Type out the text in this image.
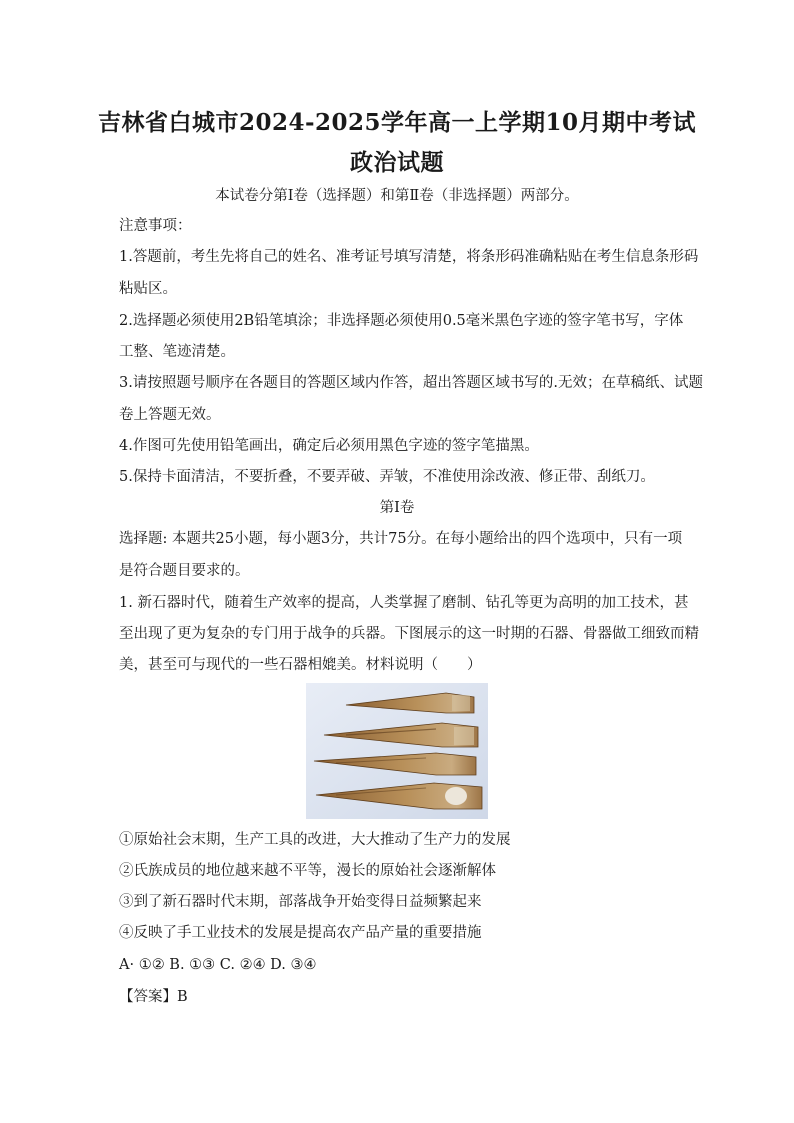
吉林省白城市2024-2025学年高一上学期10月期中考试
政治试题
本试卷分第Ⅰ卷（选择题）和第Ⅱ卷（非选择题）两部分。
注意事项：
1.答题前，考生先将自己的姓名、准考证号填写清楚，将条形码准确粘贴在考生信息条形码
粘贴区。
2.选择题必须使用2B铅笔填涂；非选择题必须使用0.5毫米黑色字迹的签字笔书写，字体
工整、笔迹清楚。
3.请按照题号顺序在各题目的答题区域内作答，超出答题区域书写的.无效；在草稿纸、试题
卷上答题无效。
4.作图可先使用铅笔画出，确定后必须用黑色字迹的签字笔描黑。
5.保持卡面清洁，不要折叠，不要弄破、弄皱，不准使用涂改液、修正带、刮纸刀。
第Ⅰ卷
选择题: 本题共25小题，每小题3分，共计75分。在每小题给出的四个选项中，只有一项
是符合题目要求的。
1. 新石器时代，随着生产效率的提高，人类掌握了磨制、钻孔等更为高明的加工技术，甚
至出现了更为复杂的专门用于战争的兵器。下图展示的这一时期的石器、骨器做工细致而精
美，甚至可与现代的一些石器相媲美。材料说明（　　）
①原始社会末期，生产工具的改进，大大推动了生产力的发展
②氏族成员的地位越来越不平等，漫长的原始社会逐渐解体
③到了新石器时代末期，部落战争开始变得日益频繁起来
④反映了手工业技术的发展是提高农产品产量的重要措施
A· ①② B. ①③ C. ②④ D. ③④
【答案】B
